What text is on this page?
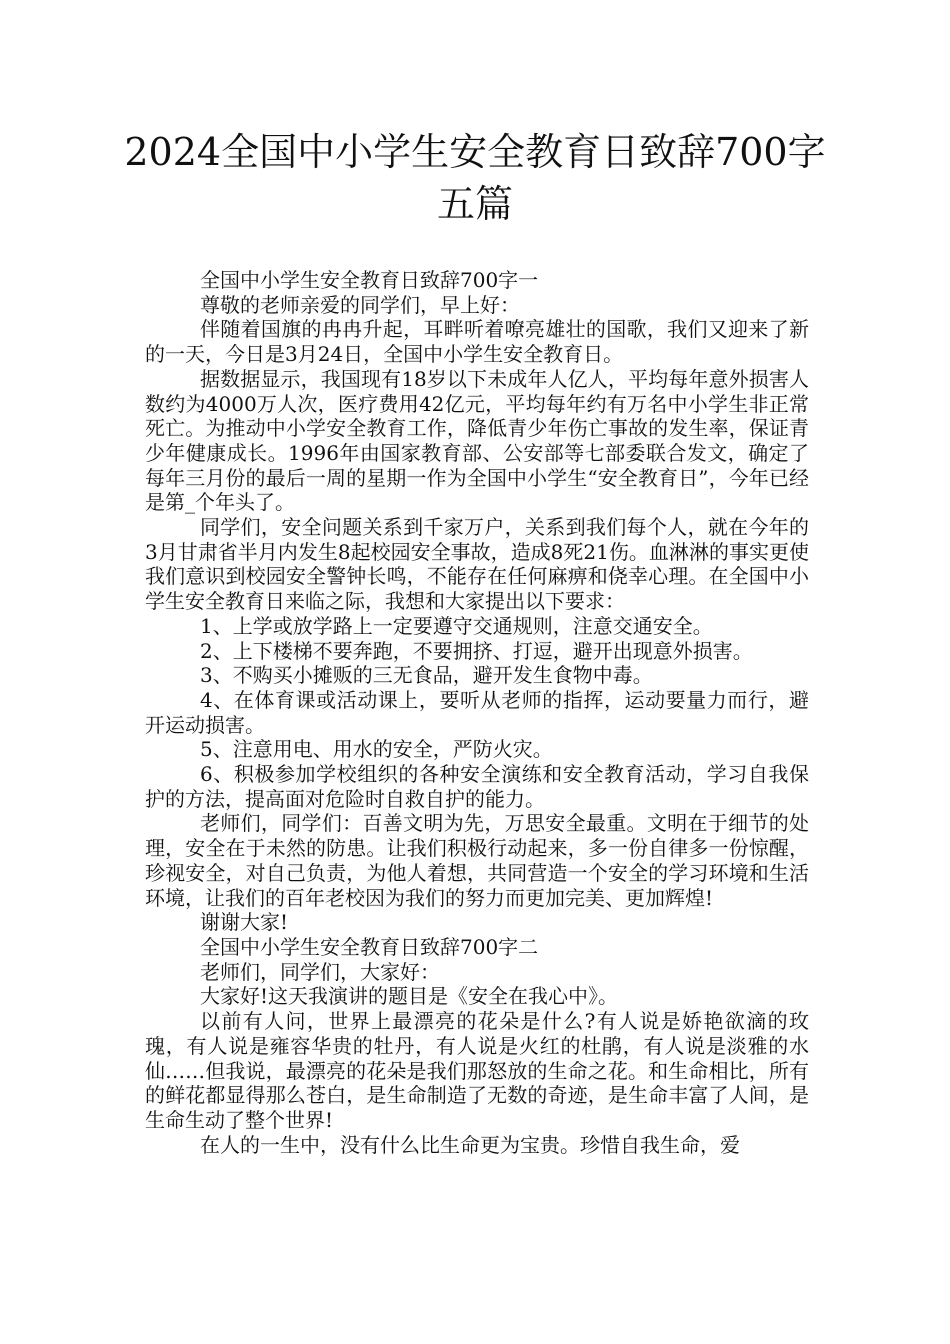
2024全国中小学生安全教育日致辞700字五篇

全国中小学生安全教育日致辞700字一

尊敬的老师亲爱的同学们，早上好：

伴随着国旗的冉冉升起，耳畔听着嘹亮雄壮的国歌，我们又迎来了新的一天，今日是3月24日，全国中小学生安全教育日。

据数据显示，我国现有18岁以下未成年人亿人，平均每年意外损害人数约为4000万人次，医疗费用42亿元，平均每年约有万名中小学生非正常死亡。为推动中小学安全教育工作，降低青少年伤亡事故的发生率，保证青少年健康成长。1996年由国家教育部、公安部等七部委联合发文，确定了每年三月份的最后一周的星期一作为全国中小学生“安全教育日”，今年已经是第_个年头了。

同学们，安全问题关系到千家万户，关系到我们每个人，就在今年的3月甘肃省半月内发生8起校园安全事故，造成8死21伤。血淋淋的事实更使我们意识到校园安全警钟长鸣，不能存在任何麻痹和侥幸心理。在全国中小学生安全教育日来临之际，我想和大家提出以下要求：

1、上学或放学路上一定要遵守交通规则，注意交通安全。

2、上下楼梯不要奔跑，不要拥挤、打逗，避开出现意外损害。

3、不购买小摊贩的三无食品，避开发生食物中毒。

4、在体育课或活动课上，要听从老师的指挥，运动要量力而行，避开运动损害。

5、注意用电、用水的安全，严防火灾。

6、积极参加学校组织的各种安全演练和安全教育活动，学习自我保护的方法，提高面对危险时自救自护的能力。

老师们，同学们：百善文明为先，万思安全最重。文明在于细节的处理，安全在于未然的防患。让我们积极行动起来，多一份自律多一份惊醒，珍视安全，对自己负责，为他人着想，共同营造一个安全的学习环境和生活环境，让我们的百年老校因为我们的努力而更加完美、更加辉煌!

谢谢大家!

全国中小学生安全教育日致辞700字二

老师们，同学们，大家好：

大家好!这天我演讲的题目是《安全在我心中》。

以前有人问，世界上最漂亮的花朵是什么?有人说是娇艳欲滴的玫瑰，有人说是雍容华贵的牡丹，有人说是火红的杜鹃，有人说是淡雅的水仙……但我说，最漂亮的花朵是我们那怒放的生命之花。和生命相比，所有的鲜花都显得那么苍白，是生命制造了无数的奇迹，是生命丰富了人间，是生命生动了整个世界!

在人的一生中，没有什么比生命更为宝贵。珍惜自我生命，爱
